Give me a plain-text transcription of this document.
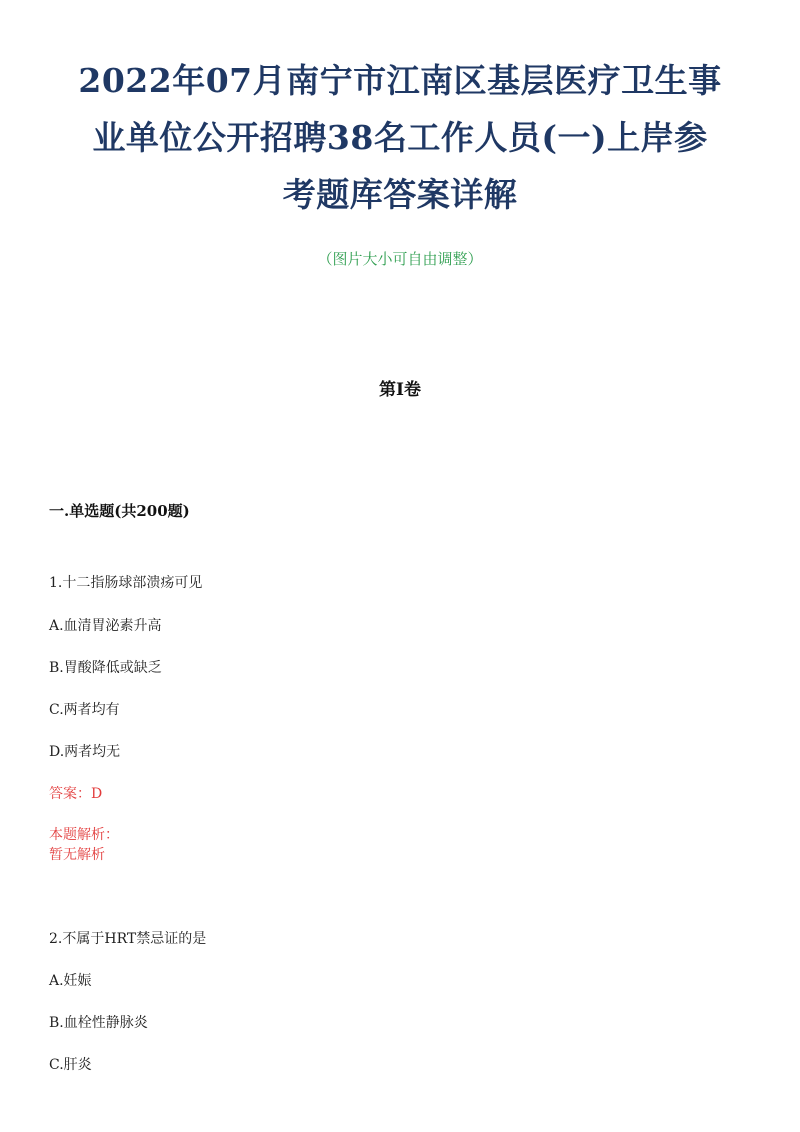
2022年07月南宁市江南区基层医疗卫生事
业单位公开招聘38名工作人员(一)上岸参
考题库答案详解
（图片大小可自由调整）
第I卷
一.单选题(共200题)
1.十二指肠球部溃疡可见
A.血清胃泌素升高
B.胃酸降低或缺乏
C.两者均有
D.两者均无
答案：D
本题解析：
暂无解析
2.不属于HRT禁忌证的是
A.妊娠
B.血栓性静脉炎
C.肝炎
